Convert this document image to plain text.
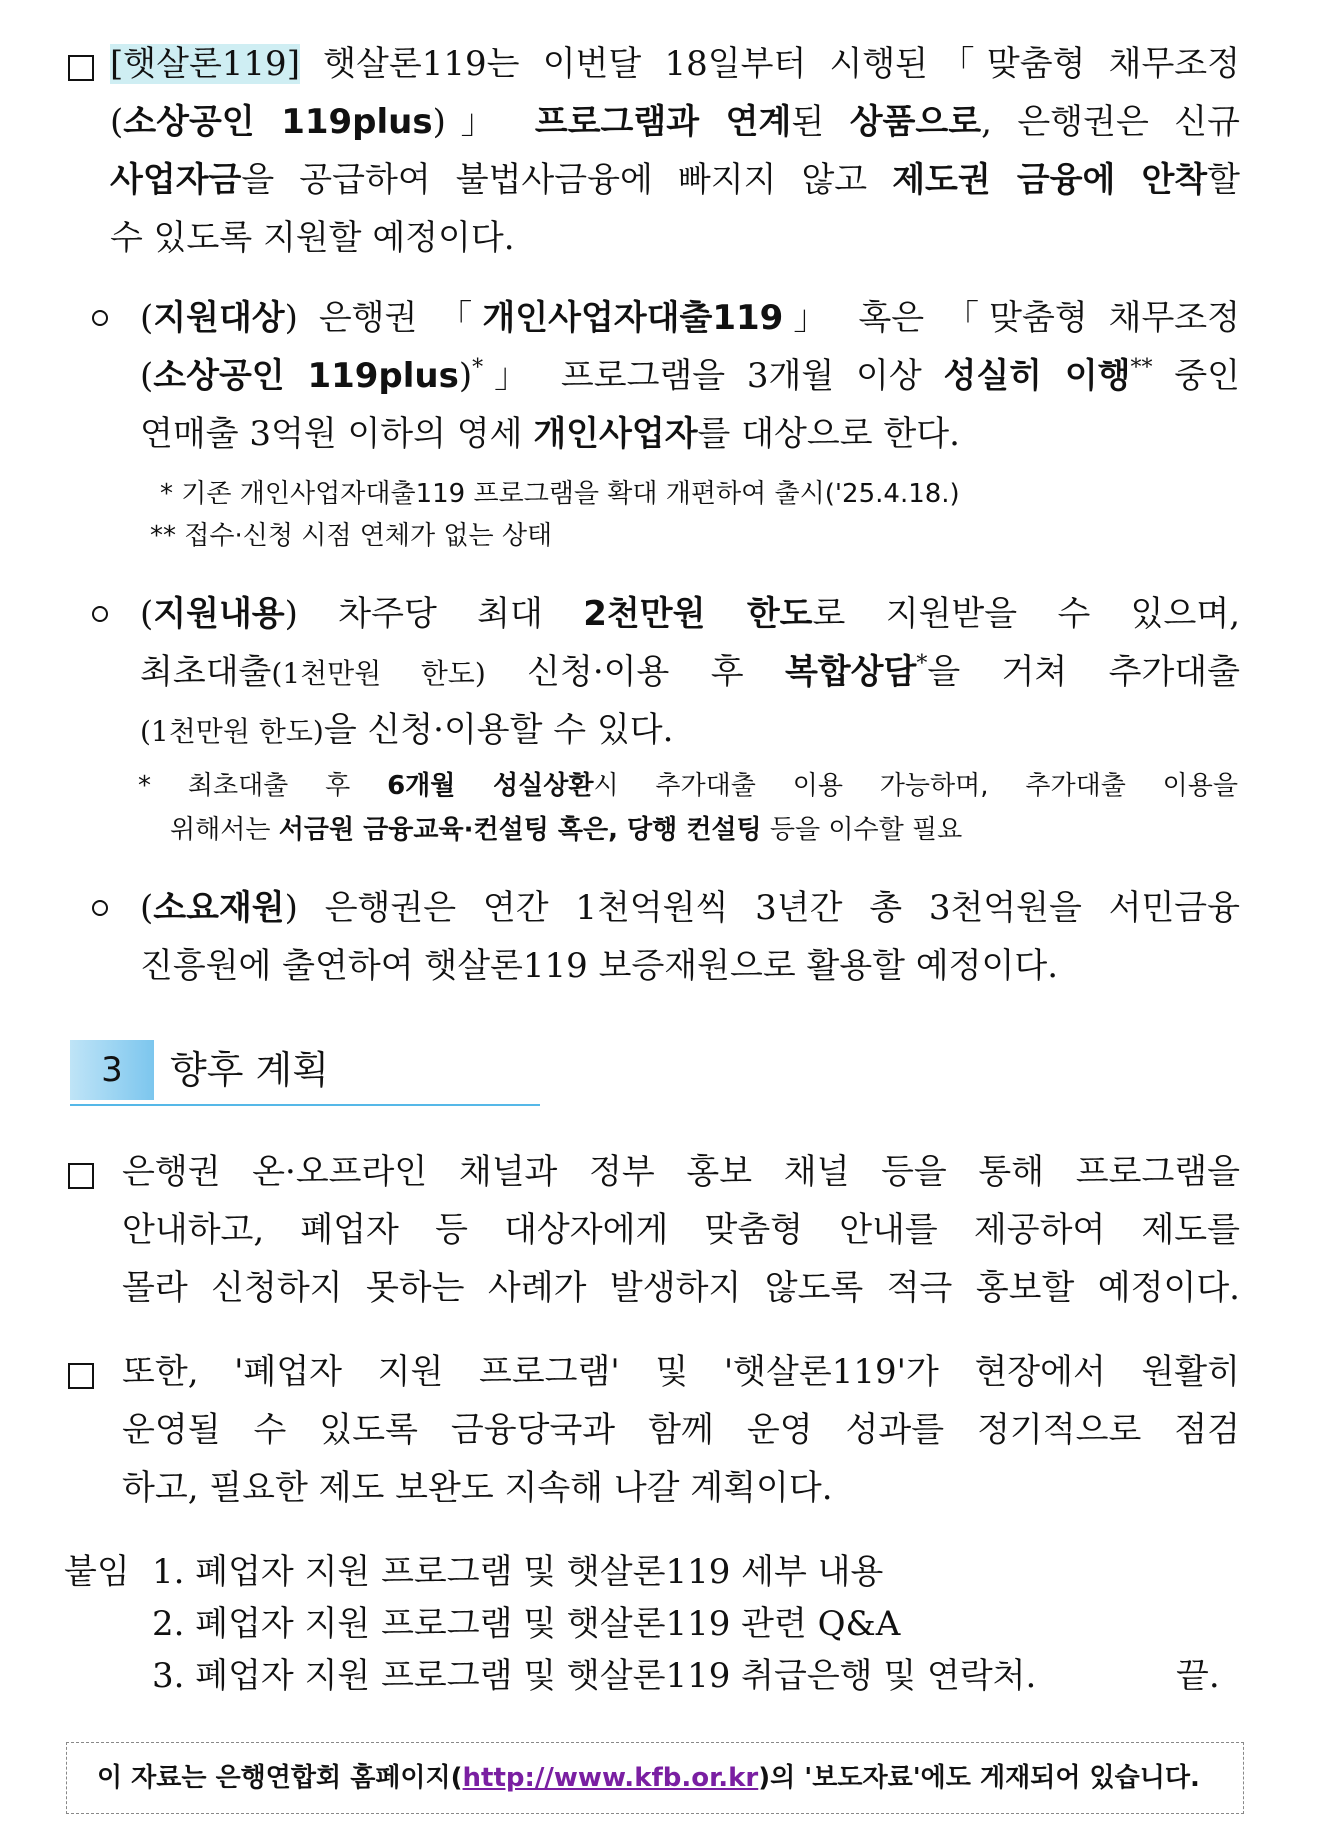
[햇살론119] 햇살론119는 이번달 18일부터 시행된「맞춤형 채무조정
(소상공인 119plus)」 프로그램과 연계된 상품으로, 은행권은 신규
사업자금을 공급하여 불법사금융에 빠지지 않고 제도권 금융에 안착할
수 있도록 지원할 예정이다.
(지원대상) 은행권 「개인사업자대출119」 혹은 「맞춤형 채무조정
(소상공인 119plus)*」 프로그램을 3개월 이상 성실히 이행** 중인
연매출 3억원 이하의 영세 개인사업자를 대상으로 한다.
* 기존 개인사업자대출119 프로그램을 확대 개편하여 출시('25.4.18.)
** 접수·신청 시점 연체가 없는 상태
(지원내용) 차주당 최대 2천만원 한도로 지원받을 수 있으며,
최초대출(1천만원 한도) 신청·이용 후 복합상담*을 거쳐 추가대출
(1천만원 한도)을 신청·이용할 수 있다.
* 최초대출 후 6개월 성실상환시 추가대출 이용 가능하며, 추가대출 이용을
위해서는 서금원 금융교육·컨설팅 혹은, 당행 컨설팅 등을 이수할 필요
(소요재원) 은행권은 연간 1천억원씩 3년간 총 3천억원을 서민금융
진흥원에 출연하여 햇살론119 보증재원으로 활용할 예정이다.
3	향후 계획
은행권 온·오프라인 채널과 정부 홍보 채널 등을 통해 프로그램을
안내하고, 폐업자 등 대상자에게 맞춤형 안내를 제공하여 제도를
몰라 신청하지 못하는 사례가 발생하지 않도록 적극 홍보할 예정이다.
또한, '폐업자 지원 프로그램' 및 '햇살론119'가 현장에서 원활히
운영될 수 있도록 금융당국과 함께 운영 성과를 정기적으로 점검
하고, 필요한 제도 보완도 지속해 나갈 계획이다.
붙임 1. 폐업자 지원 프로그램 및 햇살론119 세부 내용
2. 폐업자 지원 프로그램 및 햇살론119 관련 Q&A
3. 폐업자 지원 프로그램 및 햇살론119 취급은행 및 연락처.	끝.
이 자료는 은행연합회 홈페이지(http://www.kfb.or.kr)의 '보도자료'에도 게재되어 있습니다.
